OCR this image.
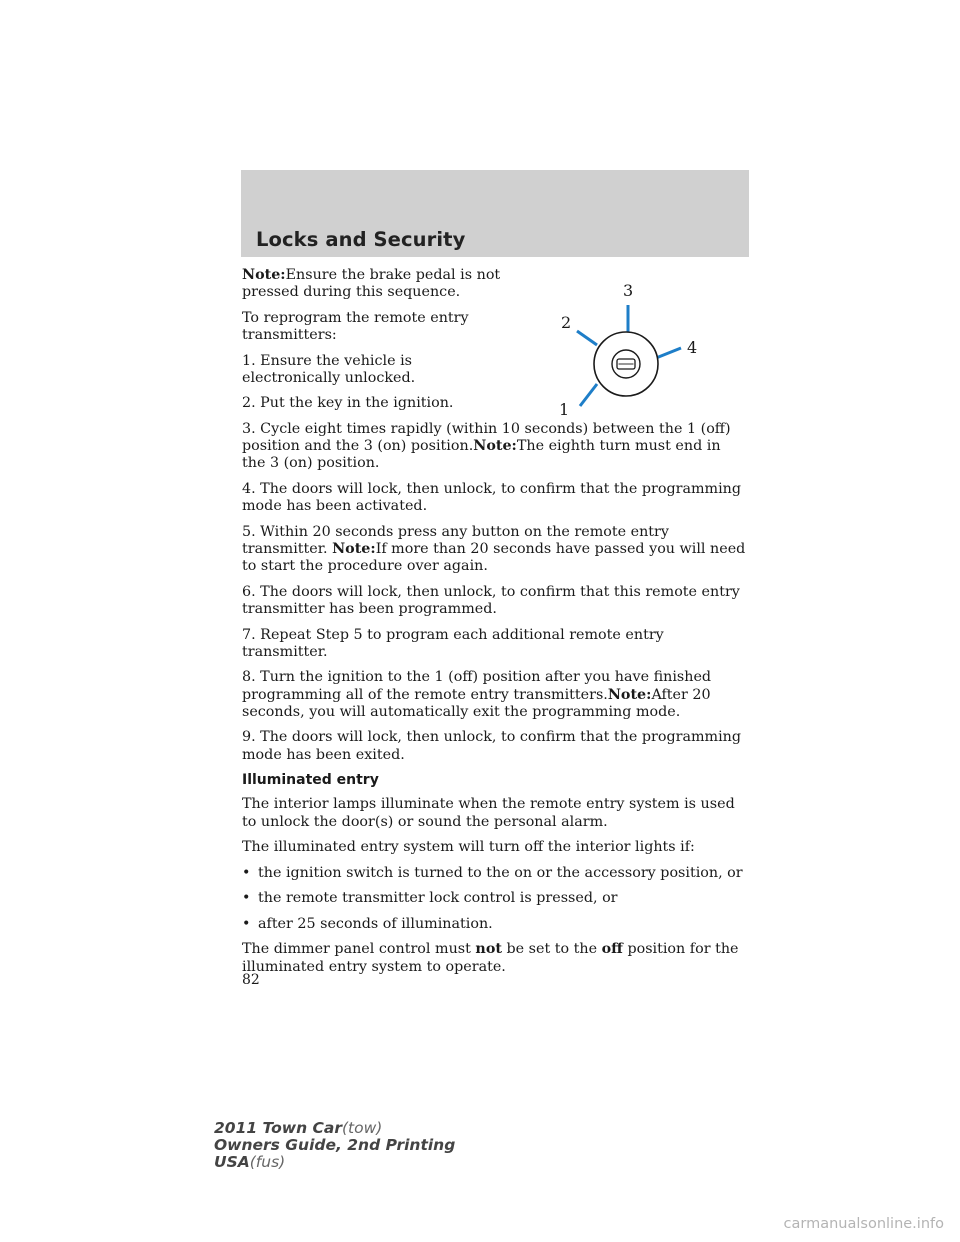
Locks and Security
3
2
4
1

Note:Ensure the brake pedal is not pressed during this sequence.

To reprogram the remote entry transmitters:

1. Ensure the vehicle is electronically unlocked.

2. Put the key in the ignition.

3. Cycle eight times rapidly (within 10 seconds) between the 1 (off) position and the 3 (on) position.Note:The eighth turn must end in the 3 (on) position.

4. The doors will lock, then unlock, to confirm that the programming mode has been activated.

5. Within 20 seconds press any button on the remote entry transmitter. Note:If more than 20 seconds have passed you will need to start the procedure over again.

6. The doors will lock, then unlock, to confirm that this remote entry transmitter has been programmed.

7. Repeat Step 5 to program each additional remote entry transmitter.

8. Turn the ignition to the 1 (off) position after you have finished programming all of the remote entry transmitters.Note:After 20 seconds, you will automatically exit the programming mode.

9. The doors will lock, then unlock, to confirm that the programming mode has been exited.

Illuminated entry

The interior lamps illuminate when the remote entry system is used to unlock the door(s) or sound the personal alarm.

The illuminated entry system will turn off the interior lights if:

• the ignition switch is turned to the on or the accessory position, or
• the remote transmitter lock control is pressed, or
• after 25 seconds of illumination.

The dimmer panel control must not be set to the off position for the illuminated entry system to operate.

82
2011 Town Car(tow)
Owners Guide, 2nd Printing
USA(fus)
carmanualsonline.info
